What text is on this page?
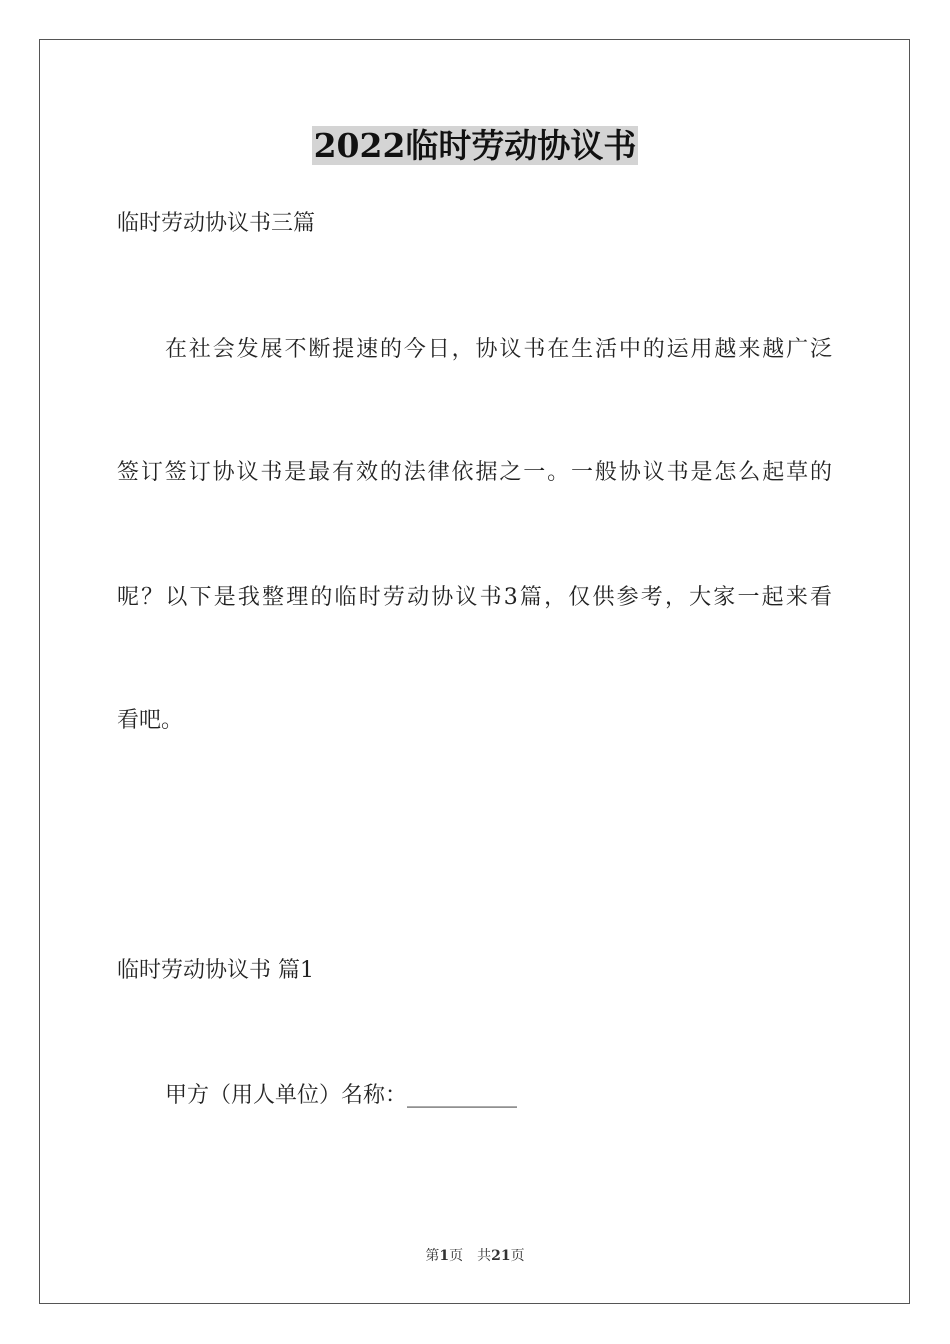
2022临时劳动协议书
临时劳动协议书三篇
在社会发展不断提速的今日，协议书在生活中的运用越来越广泛
签订签订协议书是最有效的法律依据之一。一般协议书是怎么起草的
呢？以下是我整理的临时劳动协议书3篇，仅供参考，大家一起来看
看吧。
临时劳动协议书 篇1
甲方（用人单位）名称：__________
第1页　共21页
